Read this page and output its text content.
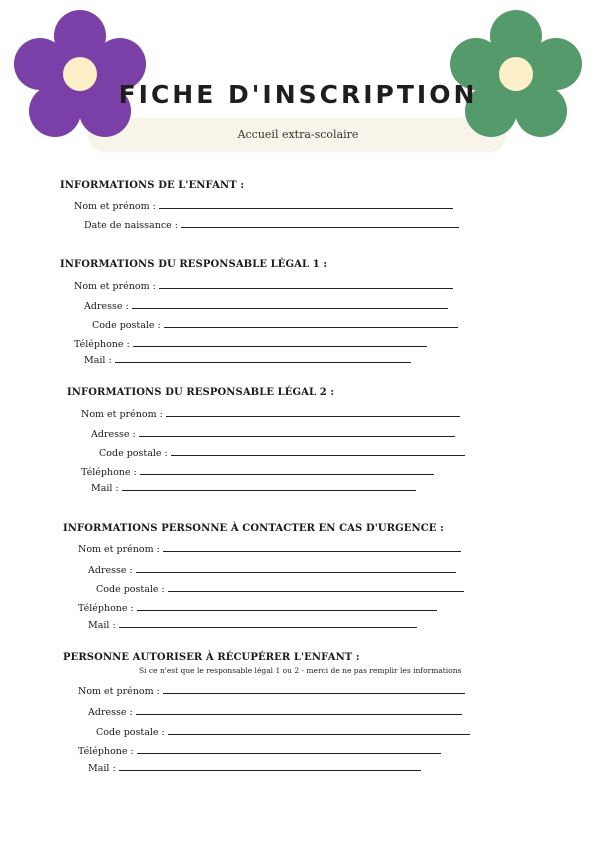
FICHE D'INSCRIPTION
Accueil extra-scolaire
INFORMATIONS DE L'ENFANT :
Nom et prénom :
Date de naissance :
INFORMATIONS DU RESPONSABLE LÉGAL 1 :
Nom et prénom :
Adresse :
Code postale :
Téléphone :
Mail :
INFORMATIONS DU RESPONSABLE LÉGAL 2 :
Nom et prénom :
Adresse :
Code postale :
Téléphone :
Mail :
INFORMATIONS PERSONNE À CONTACTER EN CAS D'URGENCE :
Nom et prénom :
Adresse :
Code postale :
Téléphone :
Mail :
PERSONNE AUTORISER À RÉCUPÉRER L'ENFANT :
Si ce n'est que le responsable légal 1 ou 2 - merci de ne pas remplir les informations
Nom et prénom :
Adresse :
Code postale :
Téléphone :
Mail :
